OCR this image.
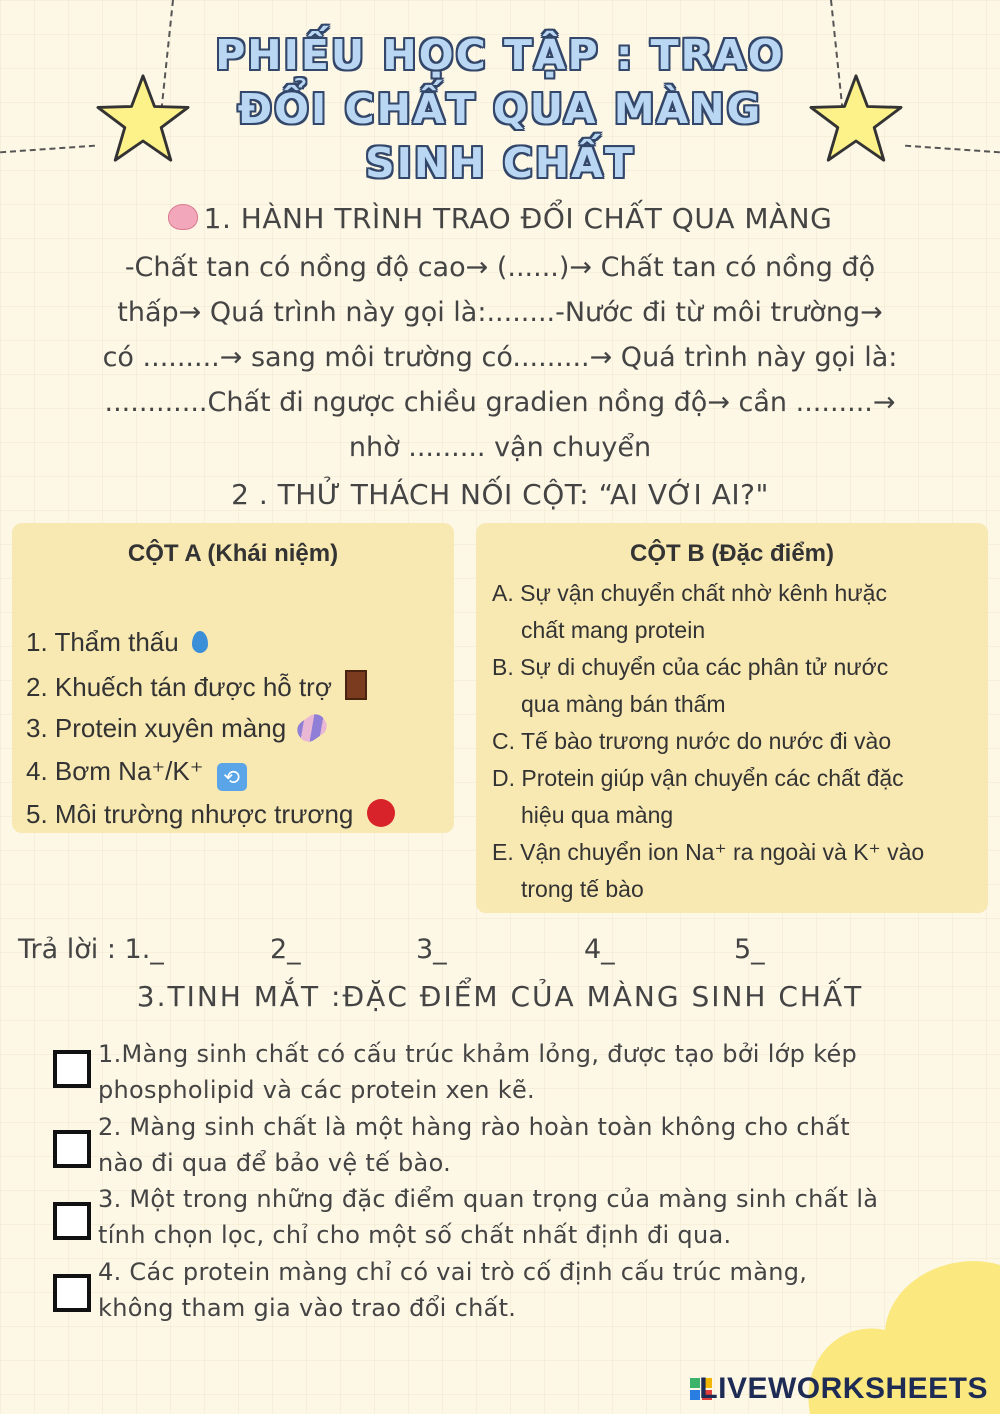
PHIẾU HỌC TẬP : TRAO
ĐỔI CHẤT QUA MÀNG
SINH CHẤT
1. HÀNH TRÌNH TRAO ĐỔI CHẤT QUA MÀNG
-Chất tan có nồng độ cao→ (......)→ Chất tan có nồng độ
thấp→ Quá trình này gọi là:........-Nước đi từ môi trường→
có .........→ sang môi trường có.........→ Quá trình này gọi là:
............Chất đi ngược chiều gradien nồng độ→ cần .........→
nhờ ......... vận chuyển
2 . THỬ THÁCH NỐI CỘT: “AI VỚI AI?"
CỘT A (Khái niệm)
1. Thẩm thấu
2. Khuếch tán được hỗ trợ
3. Protein xuyên màng
4. Bơm Na⁺/K⁺ ⟲
5. Môi trường nhược trương
CỘT B (Đặc điểm)
A. Sự vận chuyển chất nhờ kênh hưặc
chất mang protein
B. Sự di chuyển của các phân tử nước
qua màng bán thấm
C. Tế bào trương nước do nước đi vào
D. Protein giúp vận chuyển các chất đặc
hiệu qua màng
E. Vận chuyển ion Na⁺ ra ngoài và K⁺ vào
trong tế bào
Trả lời : 1._	2_	3_	4_	5_
3.TINH MẮT :ĐẶC ĐIỂM CỦA MÀNG SINH CHẤT
1.Màng sinh chất có cấu trúc khảm lỏng, được tạo bởi lớp kép
phospholipid và các protein xen kẽ.
2. Màng sinh chất là một hàng rào hoàn toàn không cho chất
nào đi qua để bảo vệ tế bào.
3. Một trong những đặc điểm quan trọng của màng sinh chất là
tính chọn lọc, chỉ cho một số chất nhất định đi qua.
4. Các protein màng chỉ có vai trò cố định cấu trúc màng,
không tham gia vào trao đổi chất.
LIVEWORKSHEETS
